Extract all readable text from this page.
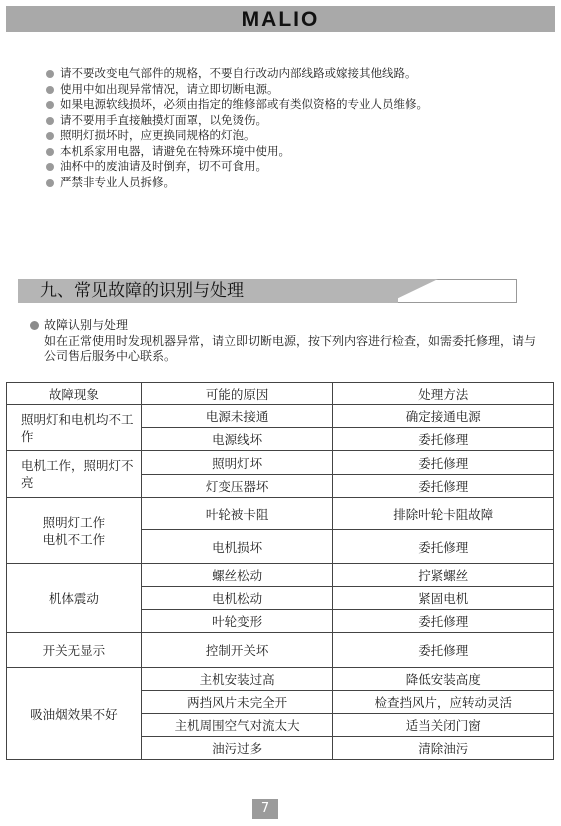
MALIO
请不要改变电气部件的规格，不要自行改动内部线路或嫁接其他线路。
使用中如出现异常情况，请立即切断电源。
如果电源软线损坏，必须由指定的维修部或有类似资格的专业人员维修。
请不要用手直接触摸灯面罩，以免烫伤。
照明灯损坏时，应更换同规格的灯泡。
本机系家用电器，请避免在特殊环境中使用。
油杯中的废油请及时倒弃，切不可食用。
严禁非专业人员拆修。
九、常见故障的识别与处理
故障认别与处理
如在正常使用时发现机器异常，请立即切断电源，按下列内容进行检查，如需委托修理，请与公司售后服务中心联系。
故障现象	可能的原因	处理方法
照明灯和电机均不工作	电源未接通	确定接通电源
	电源线坏	委托修理
电机工作，照明灯不亮	照明灯坏	委托修理
	灯变压器坏	委托修理
照明灯工作
电机不工作	叶轮被卡阻	排除叶轮卡阻故障
	电机损坏	委托修理
机体震动	螺丝松动	拧紧螺丝
	电机松动	紧固电机
	叶轮变形	委托修理
开关无显示	控制开关坏	委托修理
吸油烟效果不好	主机安装过高	降低安装高度
	两挡风片未完全开	检查挡风片，应转动灵活
	主机周围空气对流太大	适当关闭门窗
	油污过多	清除油污
7
